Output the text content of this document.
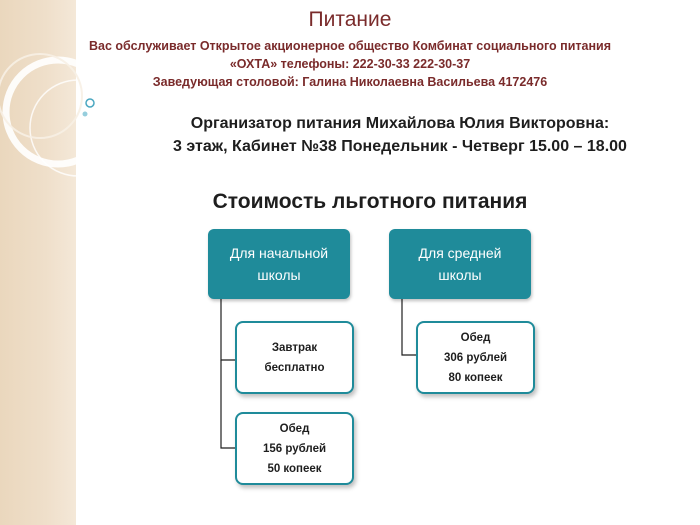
Питание
Вас обслуживает Открытое акционерное общество Комбинат социального питания
«ОХТА» телефоны: 222-30-33 222-30-37
Заведующая столовой: Галина Николаевна Васильева 4172476
Организатор питания Михайлова Юлия Викторовна:
3 этаж, Кабинет №38 Понедельник - Четверг 15.00 – 18.00
Стоимость льготного питания
Для начальной школы
Для средней школы
Завтрак
бесплатно
Обед
156 рублей
50 копеек
Обед
306 рублей
80 копеек
